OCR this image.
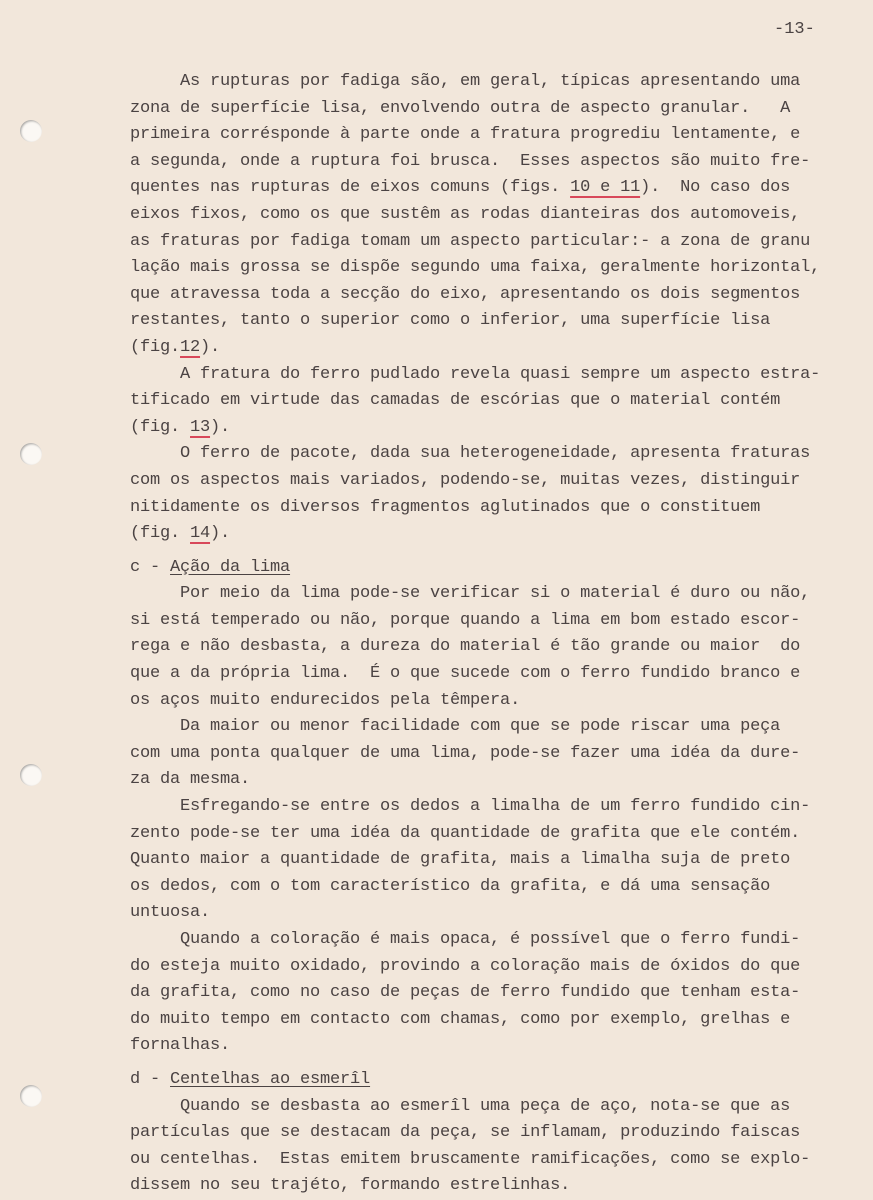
-13-
As rupturas por fadiga são, em geral, típicas apresentando uma
zona de superfície lisa, envolvendo outra de aspecto granular.   A
primeira corrésponde à parte onde a fratura progrediu lentamente, e
a segunda, onde a ruptura foi brusca.  Esses aspectos são muito fre-
quentes nas rupturas de eixos comuns (figs. 10 e 11).  No caso dos
eixos fixos, como os que sustêm as rodas dianteiras dos automoveis,
as fraturas por fadiga tomam um aspecto particular:- a zona de granu
lação mais grossa se dispõe segundo uma faixa, geralmente horizontal,
que atravessa toda a secção do eixo, apresentando os dois segmentos
restantes, tanto o superior como o inferior, uma superfície lisa
(fig.12).
A fratura do ferro pudlado revela quasi sempre um aspecto estra-
tificado em virtude das camadas de escórias que o material contém
(fig. 13).
O ferro de pacote, dada sua heterogeneidade, apresenta fraturas
com os aspectos mais variados, podendo-se, muitas vezes, distinguir
nitidamente os diversos fragmentos aglutinados que o constituem
(fig. 14).
c - Ação da lima
Por meio da lima pode-se verificar si o material é duro ou não,
si está temperado ou não, porque quando a lima em bom estado escor-
rega e não desbasta, a dureza do material é tão grande ou maior  do
que a da própria lima.  É o que sucede com o ferro fundido branco e
os aços muito endurecidos pela têmpera.
Da maior ou menor facilidade com que se pode riscar uma peça
com uma ponta qualquer de uma lima, pode-se fazer uma idéa da dure-
za da mesma.
Esfregando-se entre os dedos a limalha de um ferro fundido cin-
zento pode-se ter uma idéa da quantidade de grafita que ele contém.
Quanto maior a quantidade de grafita, mais a limalha suja de preto
os dedos, com o tom característico da grafita, e dá uma sensação
untuosa.
Quando a coloração é mais opaca, é possível que o ferro fundi-
do esteja muito oxidado, provindo a coloração mais de óxidos do que
da grafita, como no caso de peças de ferro fundido que tenham esta-
do muito tempo em contacto com chamas, como por exemplo, grelhas e
fornalhas.
d - Centelhas ao esmerîl
Quando se desbasta ao esmerîl uma peça de aço, nota-se que as
partículas que se destacam da peça, se inflamam, produzindo faiscas
ou centelhas.  Estas emitem bruscamente ramificações, como se explo-
dissem no seu trajéto, formando estrelinhas.
